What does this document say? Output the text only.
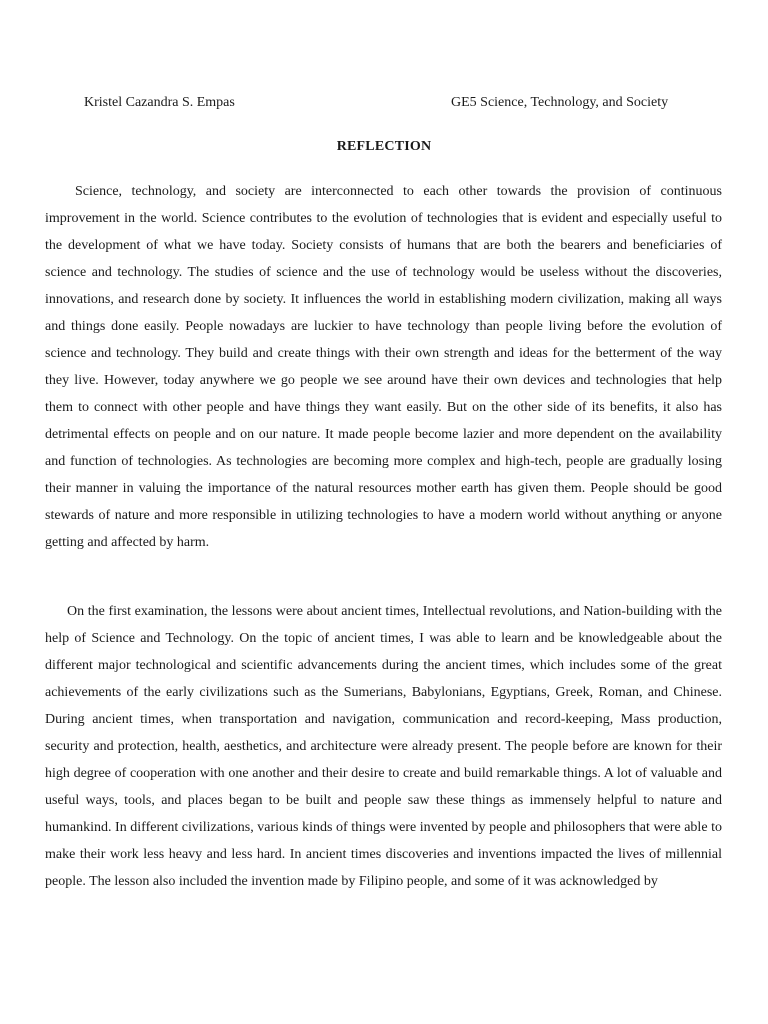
Kristel Cazandra S. Empas	GE5 Science, Technology, and Society
REFLECTION

Science, technology, and society are interconnected to each other towards the provision of continuous improvement in the world. Science contributes to the evolution of technologies that is evident and especially useful to the development of what we have today. Society consists of humans that are both the bearers and beneficiaries of science and technology. The studies of science and the use of technology would be useless without the discoveries, innovations, and research done by society. It influences the world in establishing modern civilization, making all ways and things done easily. People nowadays are luckier to have technology than people living before the evolution of science and technology. They build and create things with their own strength and ideas for the betterment of the way they live. However, today anywhere we go people we see around have their own devices and technologies that help them to connect with other people and have things they want easily. But on the other side of its benefits, it also has detrimental effects on people and on our nature. It made people become lazier and more dependent on the availability and function of technologies. As technologies are becoming more complex and high-tech, people are gradually losing their manner in valuing the importance of the natural resources mother earth has given them. People should be good stewards of nature and more responsible in utilizing technologies to have a modern world without anything or anyone getting and affected by harm.

On the first examination, the lessons were about ancient times, Intellectual revolutions, and Nation-building with the help of Science and Technology. On the topic of ancient times, I was able to learn and be knowledgeable about the different major technological and scientific advancements during the ancient times, which includes some of the great achievements of the early civilizations such as the Sumerians, Babylonians, Egyptians, Greek, Roman, and Chinese. During ancient times, when transportation and navigation, communication and record-keeping, Mass production, security and protection, health, aesthetics, and architecture were already present. The people before are known for their high degree of cooperation with one another and their desire to create and build remarkable things. A lot of valuable and useful ways, tools, and places began to be built and people saw these things as immensely helpful to nature and humankind. In different civilizations, various kinds of things were invented by people and philosophers that were able to make their work less heavy and less hard. In ancient times discoveries and inventions impacted the lives of millennial people. The lesson also included the invention made by Filipino people, and some of it was acknowledged by
